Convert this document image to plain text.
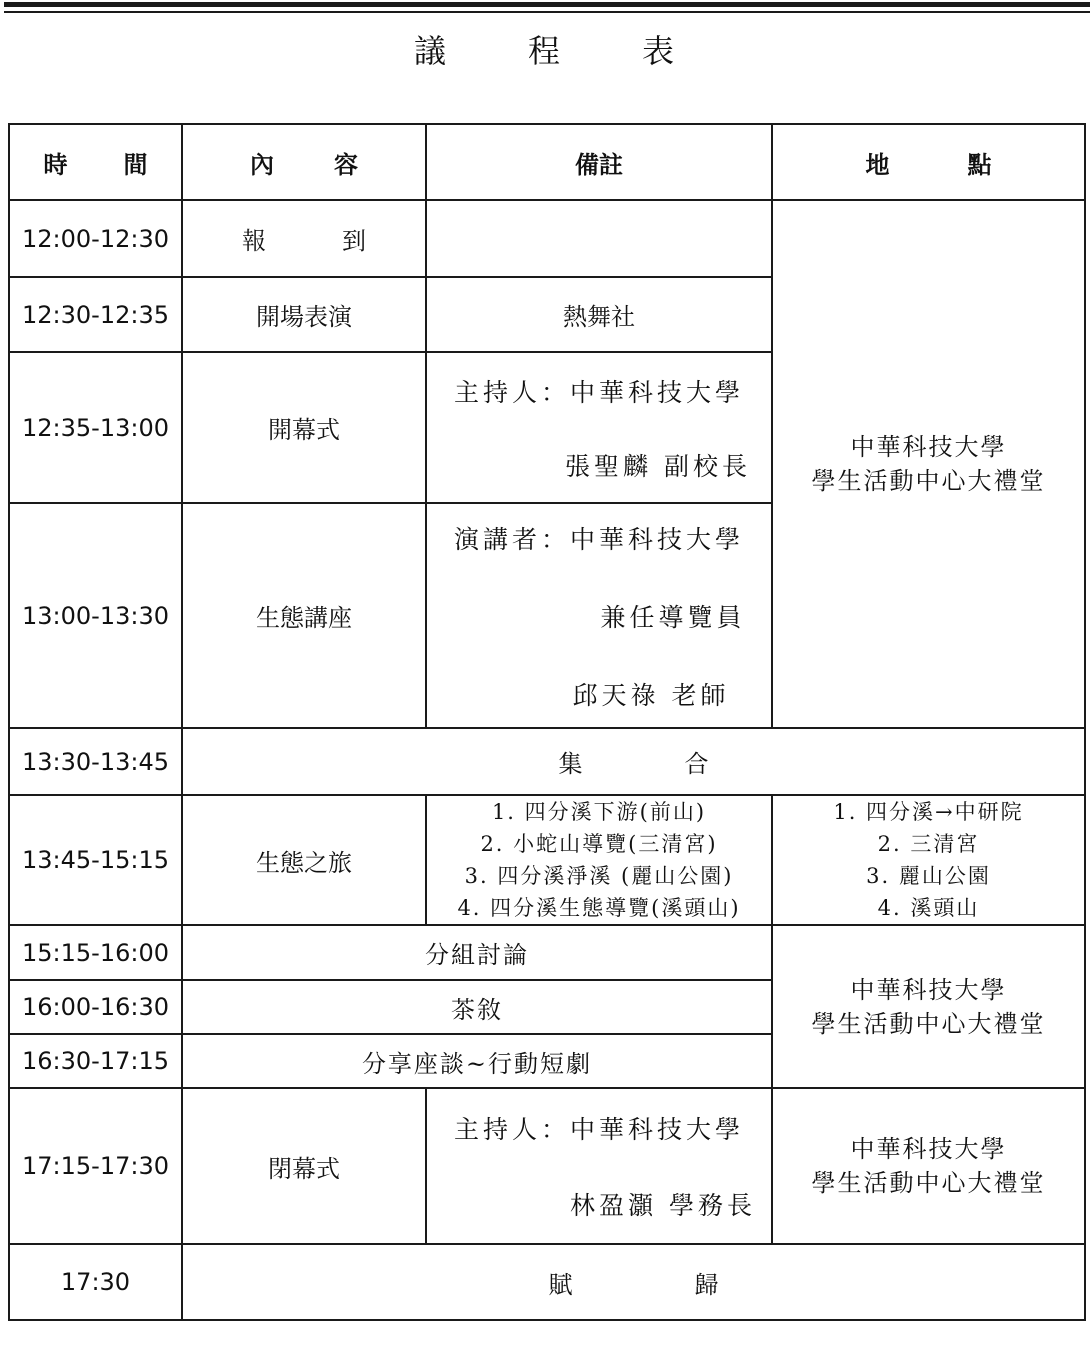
議	程	表
時 間	內 容	備註	地 點

12:00-12:30	報 到		中華科技大學
學生活動中心大禮堂

12:30-12:35	開場表演	熱舞社	
12:35-13:00	開幕式	主持人：中華科技大學
張聖麟 副校長	

13:00-13:30	生態講座	演講者：中華科技大學
兼任導覽員
邱天祿 老師	

13:30-13:45	集 合		

13:45-15:15	生態之旅	1. 四分溪下游(前山)
2. 小蛇山導覽(三清宮)
3. 四分溪淨溪 (麗山公園)
4. 四分溪生態導覽(溪頭山)	1. 四分溪→中研院
2. 三清宮
3. 麗山公園
4. 溪頭山

15:15-16:00	分組討論		中華科技大學
學生活動中心大禮堂

16:00-16:30	茶敘		
16:30-17:15	分享座談~行動短劇		
17:15-17:30	閉幕式	主持人：中華科技大學
林盈灝 學務長	中華科技大學
學生活動中心大禮堂

17:30	賦 歸		
